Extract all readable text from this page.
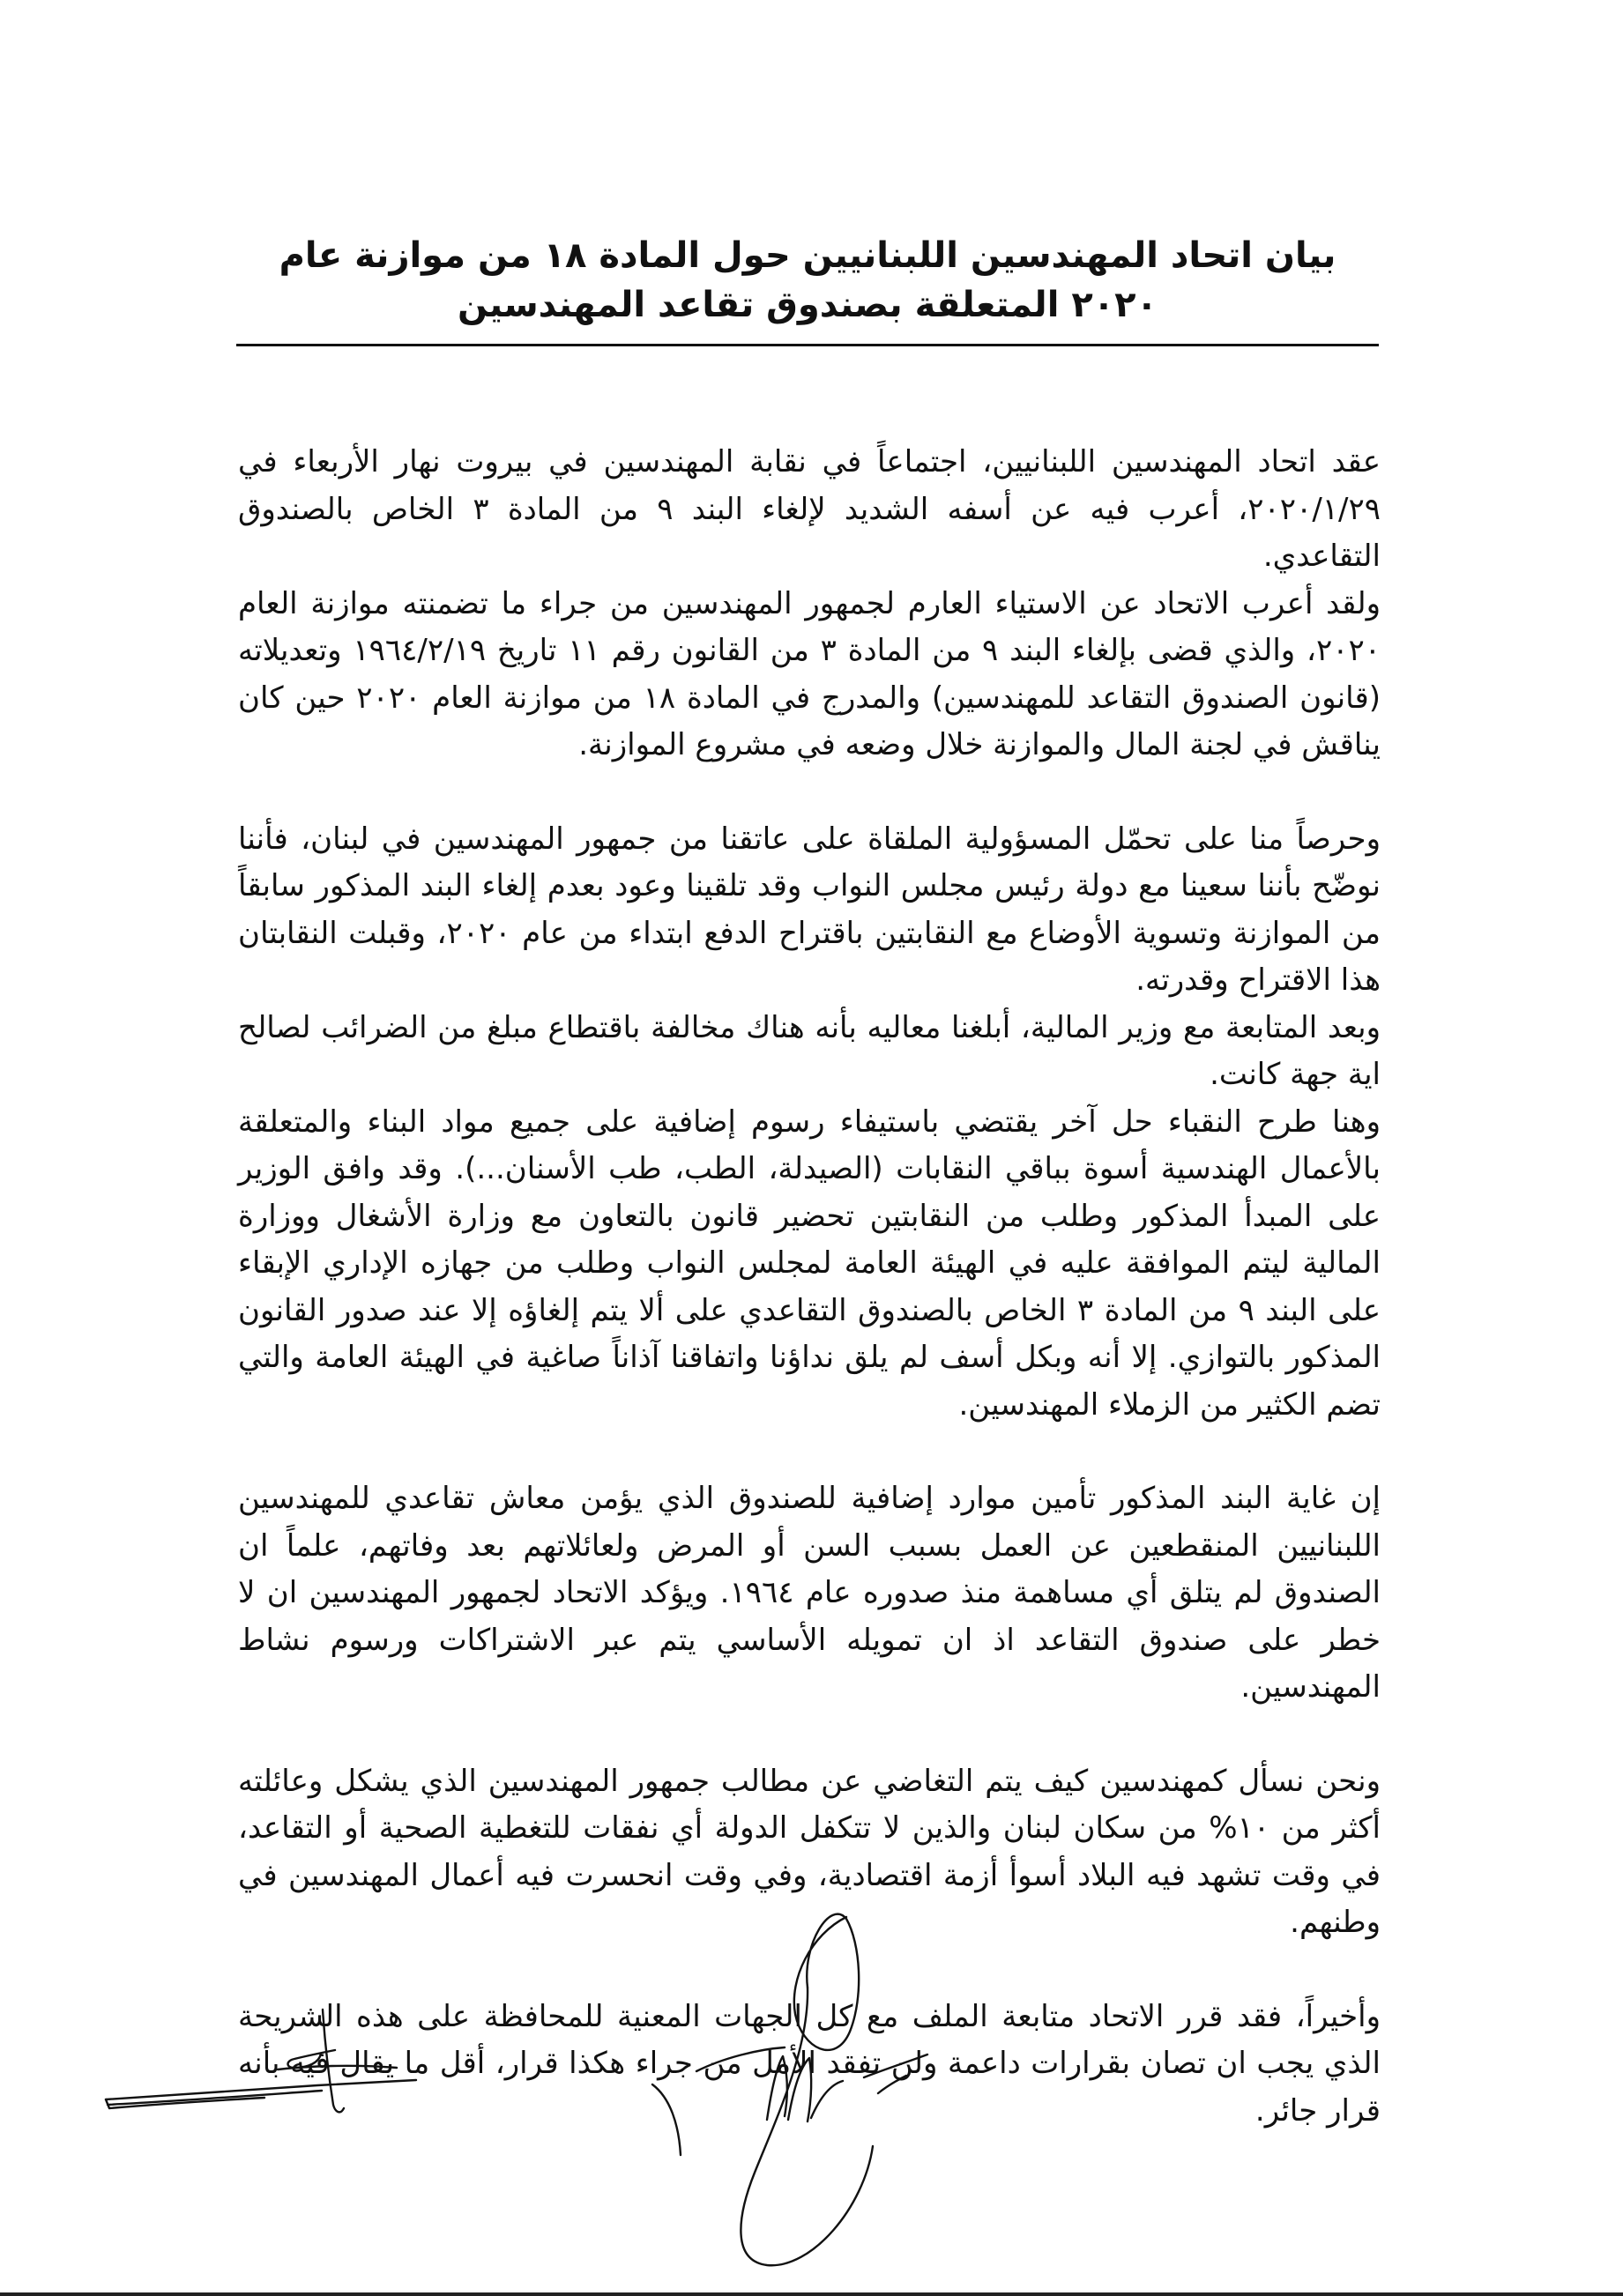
بيان اتحاد المهندسين اللبنانيين حول المادة ١٨ من موازنة عام ٢٠٢٠ المتعلقة بصندوق تقاعد المهندسين

عقد اتحاد المهندسين اللبنانيين، اجتماعاً في نقابة المهندسين في بيروت نهار الأربعاء في ٢٠٢٠/١/٢٩، أعرب فيه عن أسفه الشديد لإلغاء البند ٩ من المادة ٣ الخاص بالصندوق التقاعدي.

ولقد أعرب الاتحاد عن الاستياء العارم لجمهور المهندسين من جراء ما تضمنته موازنة العام ٢٠٢٠، والذي قضى بإلغاء البند ٩ من المادة ٣ من القانون رقم ١١ تاريخ ١٩٦٤/٢/١٩ وتعديلاته (قانون الصندوق التقاعد للمهندسين) والمدرج في المادة ١٨ من موازنة العام ٢٠٢٠ حين كان يناقش في لجنة المال والموازنة خلال وضعه في مشروع الموازنة.

وحرصاً منا على تحمّل المسؤولية الملقاة على عاتقنا من جمهور المهندسين في لبنان، فأننا نوضّح بأننا سعينا مع دولة رئيس مجلس النواب وقد تلقينا وعود بعدم إلغاء البند المذكور سابقاً من الموازنة وتسوية الأوضاع مع النقابتين باقتراح الدفع ابتداء من عام ٢٠٢٠، وقبلت النقابتان هذا الاقتراح وقدرته.

وبعد المتابعة مع وزير المالية، أبلغنا معاليه بأنه هناك مخالفة باقتطاع مبلغ من الضرائب لصالح اية جهة كانت.

وهنا طرح النقباء حل آخر يقتضي باستيفاء رسوم إضافية على جميع مواد البناء والمتعلقة بالأعمال الهندسية أسوة بباقي النقابات (الصيدلة، الطب، طب الأسنان...). وقد وافق الوزير على المبدأ المذكور وطلب من النقابتين تحضير قانون بالتعاون مع وزارة الأشغال ووزارة المالية ليتم الموافقة عليه في الهيئة العامة لمجلس النواب وطلب من جهازه الإداري الإبقاء على البند ٩ من المادة ٣ الخاص بالصندوق التقاعدي على ألا يتم إلغاؤه إلا عند صدور القانون المذكور بالتوازي. إلا أنه وبكل أسف لم يلق نداؤنا واتفاقنا آذاناً صاغية في الهيئة العامة والتي تضم الكثير من الزملاء المهندسين.

إن غاية البند المذكور تأمين موارد إضافية للصندوق الذي يؤمن معاش تقاعدي للمهندسين اللبنانيين المنقطعين عن العمل بسبب السن أو المرض ولعائلاتهم بعد وفاتهم، علماً ان الصندوق لم يتلق أي مساهمة منذ صدوره عام ١٩٦٤. ويؤكد الاتحاد لجمهور المهندسين ان لا خطر على صندوق التقاعد اذ ان تمويله الأساسي يتم عبر الاشتراكات ورسوم نشاط المهندسين.

ونحن نسأل كمهندسين كيف يتم التغاضي عن مطالب جمهور المهندسين الذي يشكل وعائلته أكثر من ١٠% من سكان لبنان والذين لا تتكفل الدولة أي نفقات للتغطية الصحية أو التقاعد، في وقت تشهد فيه البلاد أسوأ أزمة اقتصادية، وفي وقت انحسرت فيه أعمال المهندسين في وطنهم.

وأخيراً، فقد قرر الاتحاد متابعة الملف مع كل الجهات المعنية للمحافظة على هذه الشريحة الذي يجب ان تصان بقرارات داعمة ولن تفقد الأمل من جراء هكذا قرار، أقل ما يقال فيه بأنه قرار جائر.
